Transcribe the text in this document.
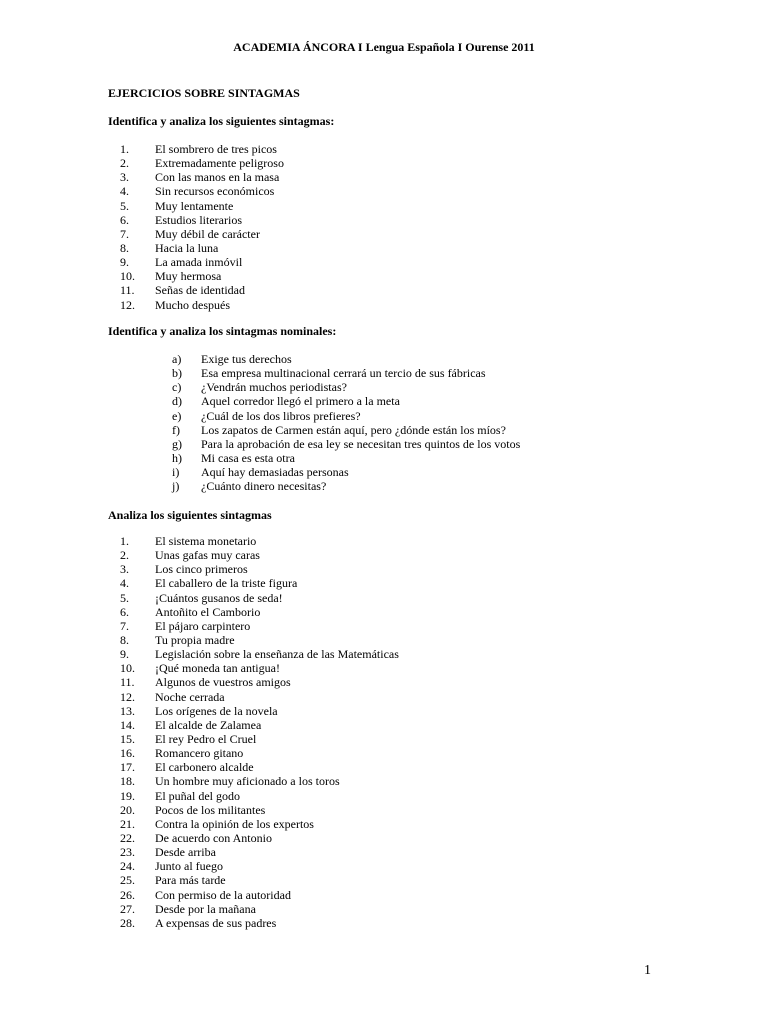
ACADEMIA ÁNCORA I Lengua Española I Ourense 2011
EJERCICIOS SOBRE SINTAGMAS
Identifica y analiza los siguientes sintagmas:
1.	El sombrero de tres picos
2.	Extremadamente peligroso
3.	Con las manos en la masa
4.	Sin recursos económicos
5.	Muy lentamente
6.	Estudios literarios
7.	Muy débil de carácter
8.	Hacia la luna
9.	La amada inmóvil
10.	Muy hermosa
11.	Señas de identidad
12.	Mucho después
Identifica y analiza los sintagmas nominales:
a)	Exige tus derechos
b)	Esa empresa multinacional cerrará un tercio de sus fábricas
c)	¿Vendrán muchos periodistas?
d)	Aquel corredor llegó el primero a la meta
e)	¿Cuál de los dos libros prefieres?
f)	Los zapatos de Carmen están aquí, pero ¿dónde están los míos?
g)	Para la aprobación de esa ley se necesitan tres quintos de los votos
h)	Mi casa es esta otra
i)	Aquí hay demasiadas personas
j)	¿Cuánto dinero necesitas?
Analiza los siguientes sintagmas
1.	El sistema monetario
2.	Unas gafas muy caras
3.	Los cinco primeros
4.	El caballero de la triste figura
5.	¡Cuántos gusanos de seda!
6.	Antoñito el Camborio
7.	El pájaro carpintero
8.	Tu propia madre
9.	Legislación sobre la enseñanza de las Matemáticas
10.	¡Qué moneda tan antigua!
11.	Algunos de vuestros amigos
12.	Noche cerrada
13.	Los orígenes de la novela
14.	El alcalde de Zalamea
15.	El rey Pedro el Cruel
16.	Romancero gitano
17.	El carbonero alcalde
18.	Un hombre muy aficionado a los toros
19.	El puñal del godo
20.	Pocos de los militantes
21.	Contra la opinión de los expertos
22.	De acuerdo con Antonio
23.	Desde arriba
24.	Junto al fuego
25.	Para más tarde
26.	Con permiso de la autoridad
27.	Desde por la mañana
28.	A expensas de sus padres
1
